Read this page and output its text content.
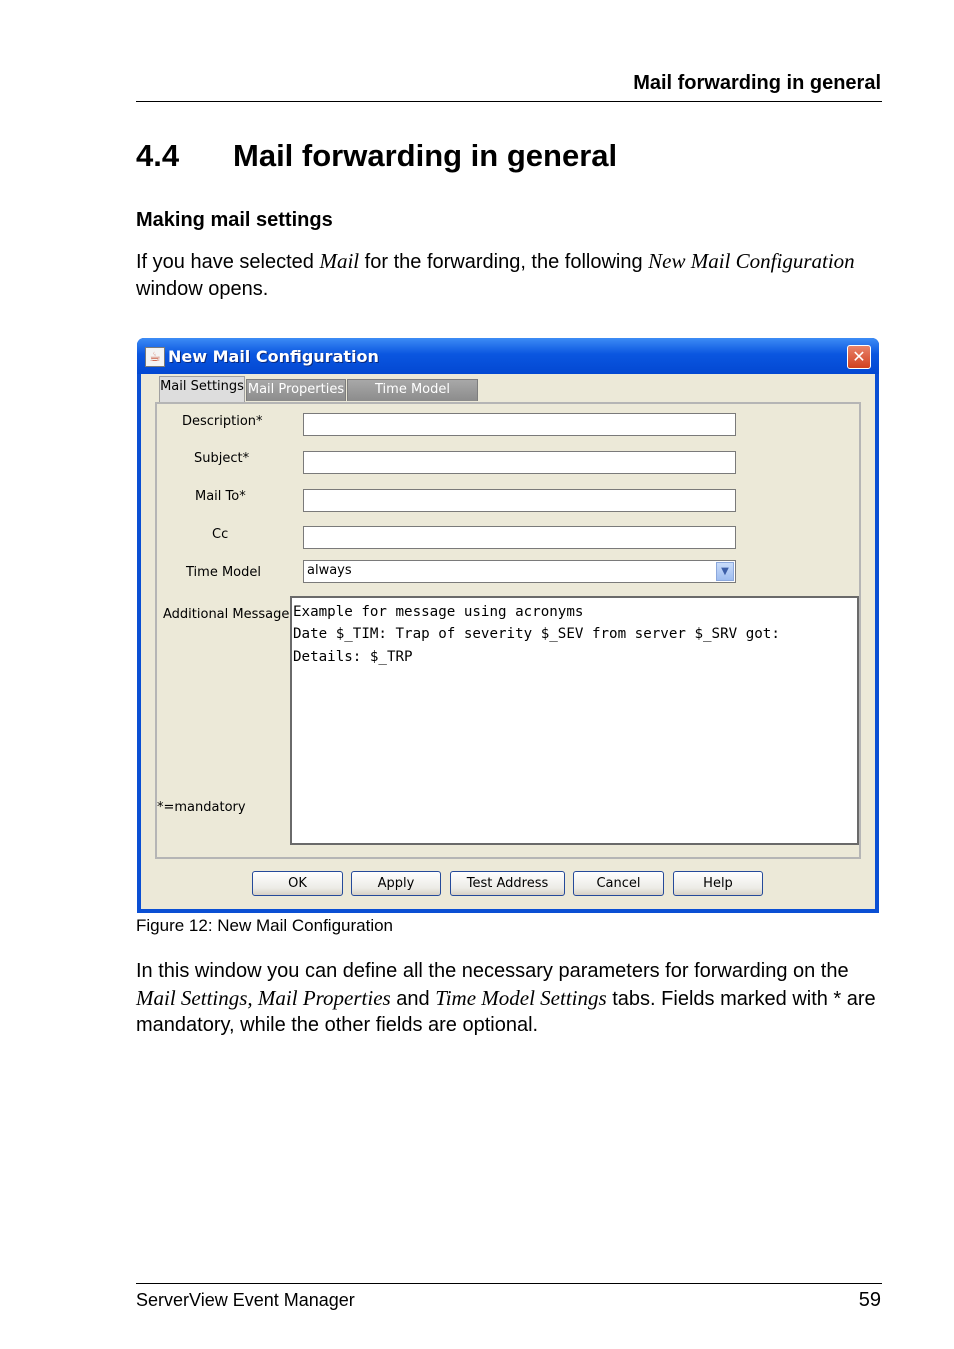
Mail forwarding in general
4.4 Mail forwarding in general
Making mail settings
If you have selected Mail for the forwarding, the following New Mail Configuration window opens.
☕ New Mail Configuration	✕
Mail Settings Mail Properties	Time Model
Description*
Subject*
Mail To*
Cc
Time Model	always	▼
Additional Message Example for message using acronyms
Date $_TIM: Trap of severity $_SEV from server $_SRV got:
Details: $_TRP
*=mandatory
OK	Apply	Test Address	Cancel	Help
Figure 12: New Mail Configuration
In this window you can define all the necessary parameters for forwarding on the Mail Settings, Mail Properties and Time Model Settings tabs. Fields marked with * are mandatory, while the other fields are optional.
ServerView Event Manager	59
